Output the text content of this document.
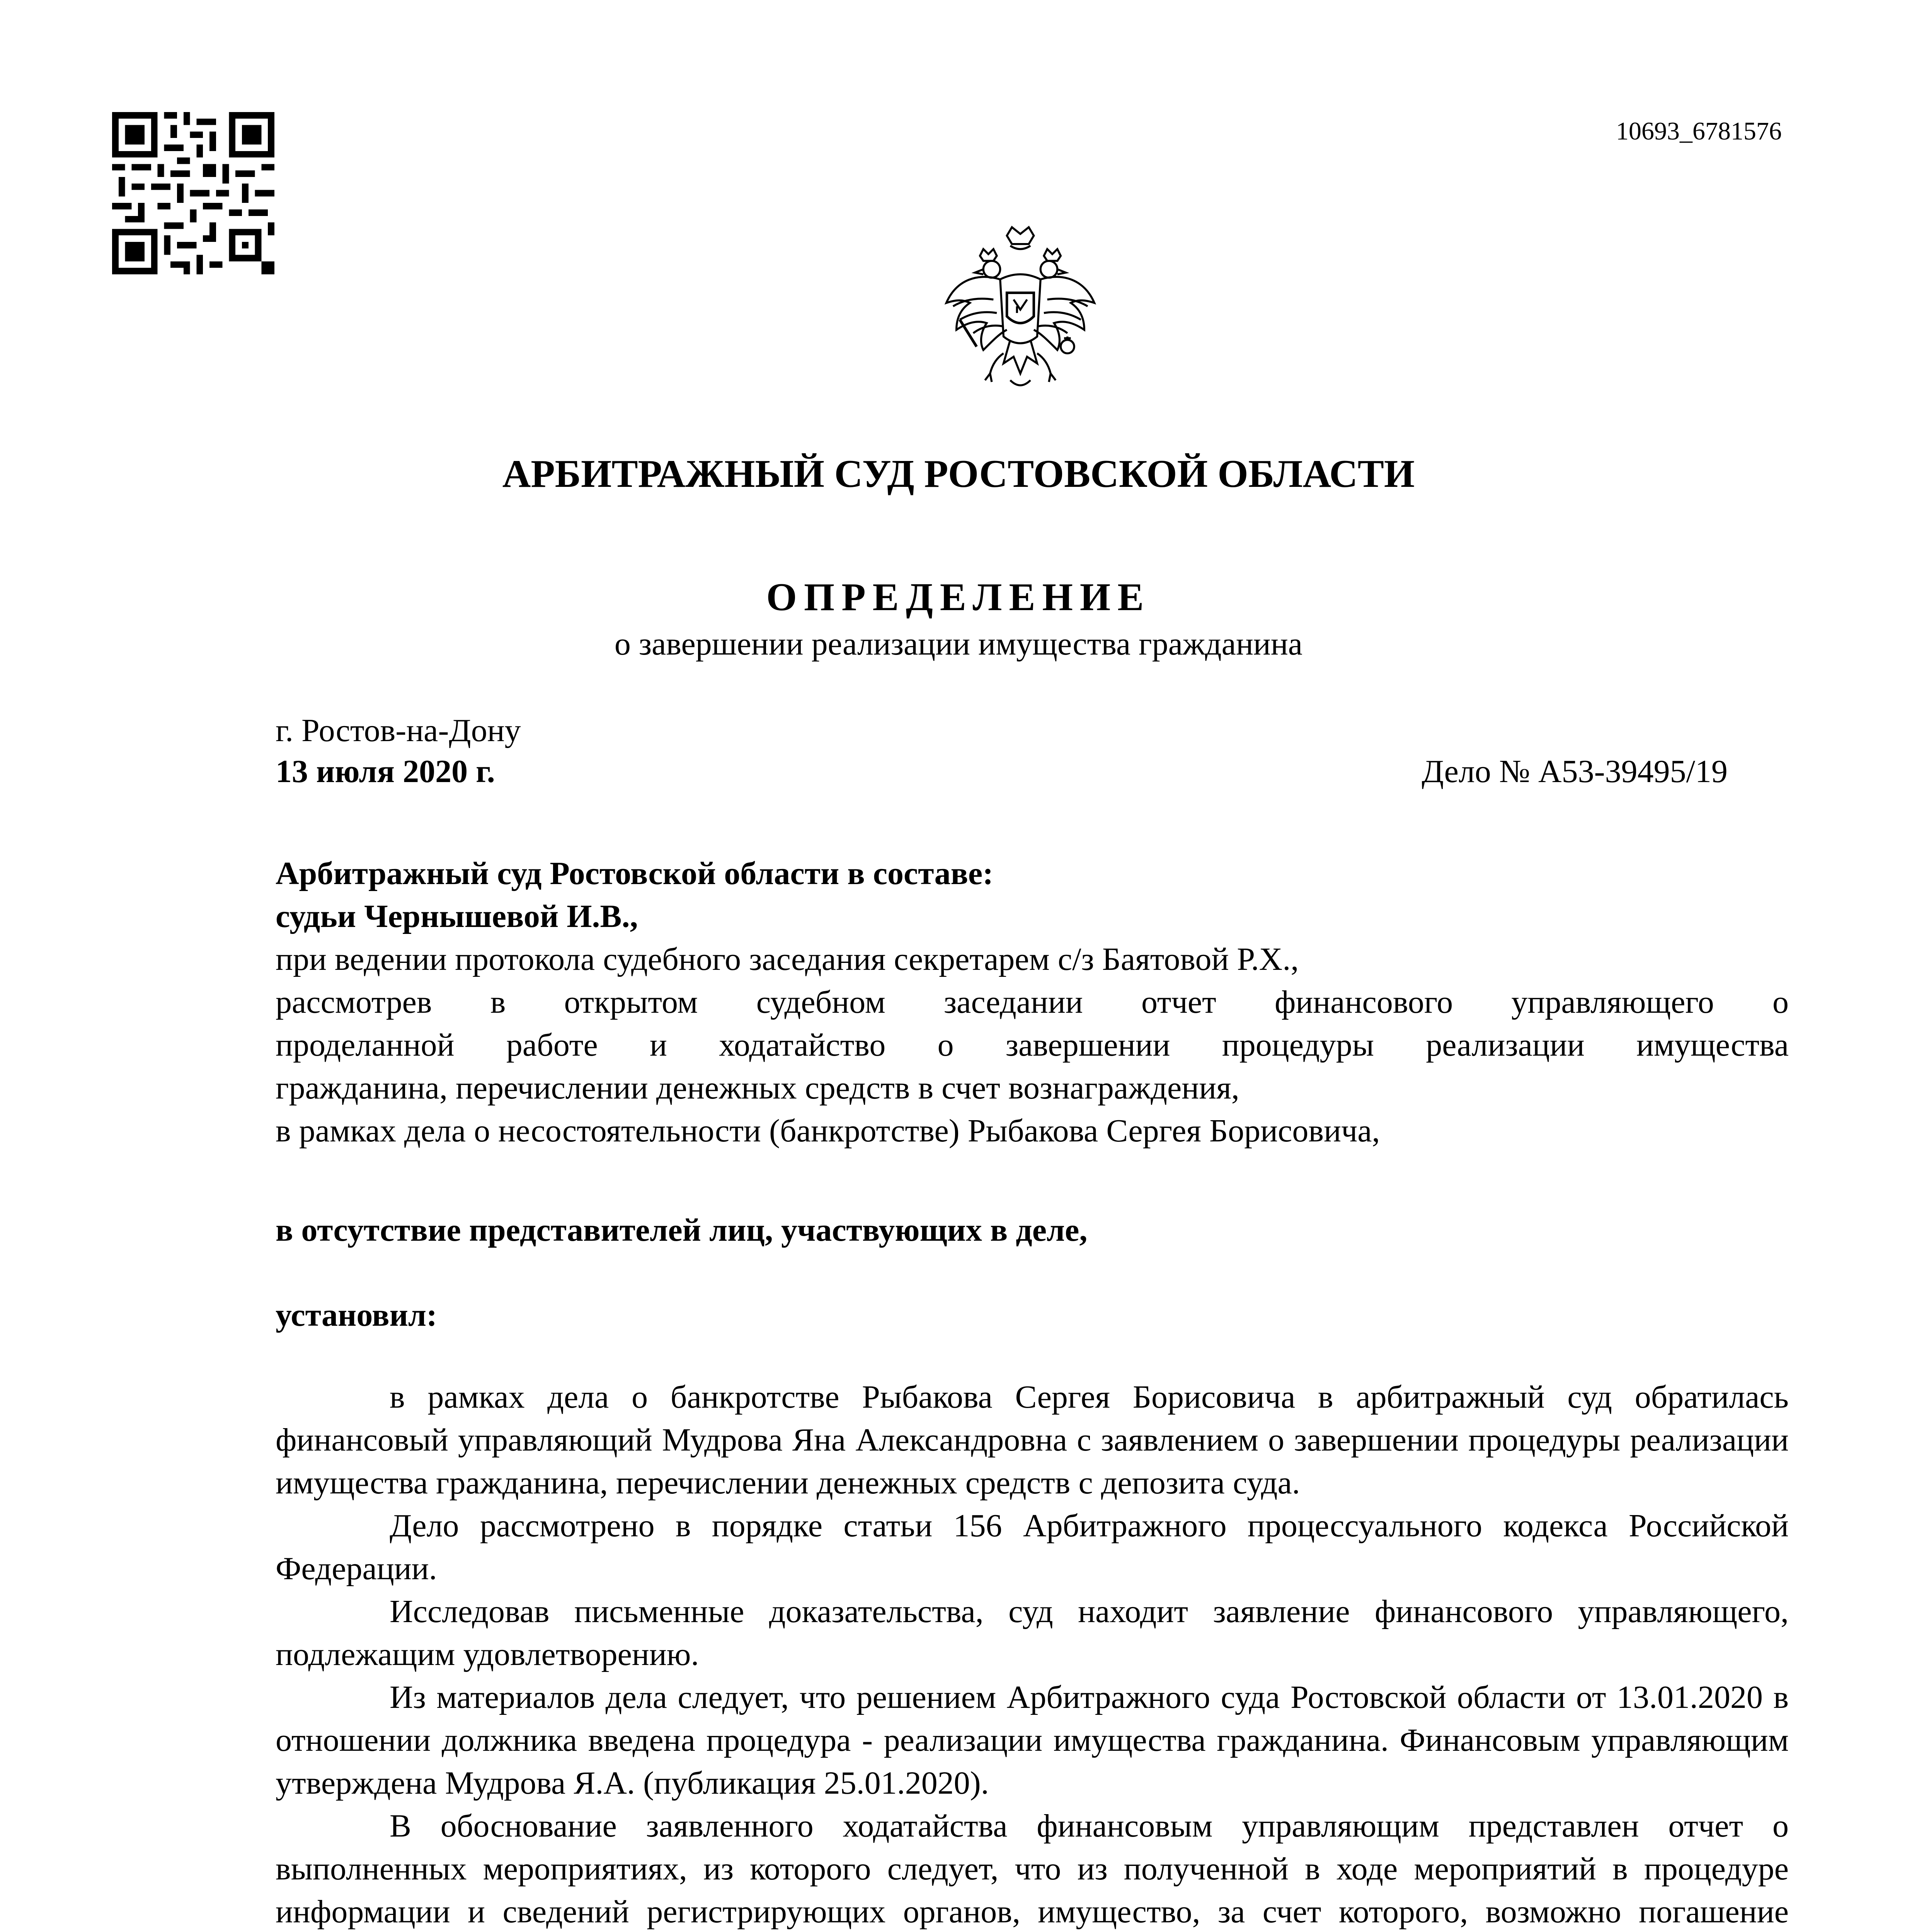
10693_6781576
АРБИТРАЖНЫЙ СУД РОСТОВСКОЙ ОБЛАСТИ
ОПРЕДЕЛЕНИЕ
о завершении реализации имущества гражданина
г. Ростов-на-Дону
13 июля 2020 г.	Дело № А53-39495/19
Арбитражный суд Ростовской области в составе:
судьи Чернышевой И.В.,
при ведении протокола судебного заседания секретарем с/з Баятовой Р.Х.,
рассмотрев в открытом судебном заседании отчет финансового управляющего о
проделанной работе и ходатайство о завершении процедуры реализации имущества
гражданина, перечислении денежных средств в счет вознаграждения,
в рамках дела о несостоятельности (банкротстве) Рыбакова Сергея Борисовича,
в отсутствие представителей лиц, участвующих в деле,
установил:

в рамках дела о банкротстве Рыбакова Сергея Борисовича в арбитражный суд обратилась финансовый управляющий Мудрова Яна Александровна с заявлением о завершении процедуры реализации имущества гражданина, перечислении денежных средств с депозита суда.

Дело рассмотрено в порядке статьи 156 Арбитражного процессуального кодекса Российской Федерации.

Исследовав письменные доказательства, суд находит заявление финансового управляющего, подлежащим удовлетворению.

Из материалов дела следует, что решением Арбитражного суда Ростовской области от 13.01.2020 в отношении должника введена процедура - реализации имущества гражданина. Финансовым управляющим утверждена Мудрова Я.А. (публикация 25.01.2020).

В обоснование заявленного ходатайства финансовым управляющим представлен отчет о выполненных мероприятиях, из которого следует, что из полученной в ходе мероприятий в процедуре информации и сведений регистрирующих органов, имущество, за счет которого, возможно погашение
